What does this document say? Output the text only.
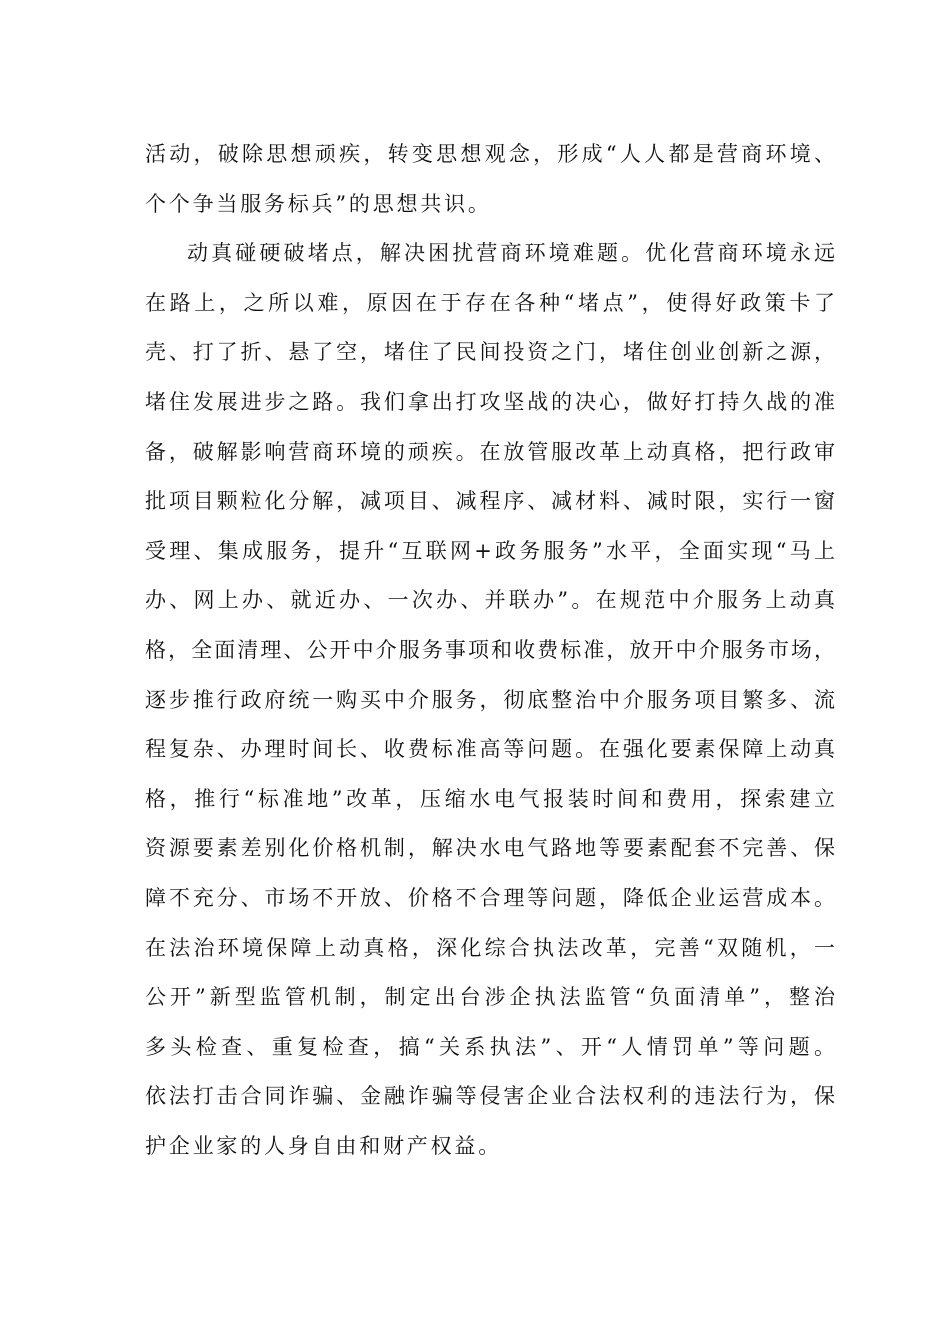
活动，破除思想顽疾，转变思想观念，形成“人人都是营商环境、
个个争当服务标兵”的思想共识。
动真碰硬破堵点，解决困扰营商环境难题。优化营商环境永远
在路上，之所以难，原因在于存在各种“堵点”，使得好政策卡了
壳、打了折、悬了空，堵住了民间投资之门，堵住创业创新之源，
堵住发展进步之路。我们拿出打攻坚战的决心，做好打持久战的准
备，破解影响营商环境的顽疾。在放管服改革上动真格，把行政审
批项目颗粒化分解，减项目、减程序、减材料、减时限，实行一窗
受理、集成服务，提升“互联网+政务服务”水平，全面实现“马上
办、网上办、就近办、一次办、并联办”。在规范中介服务上动真
格，全面清理、公开中介服务事项和收费标准，放开中介服务市场，
逐步推行政府统一购买中介服务，彻底整治中介服务项目繁多、流
程复杂、办理时间长、收费标准高等问题。在强化要素保障上动真
格，推行“标准地”改革，压缩水电气报装时间和费用，探索建立
资源要素差别化价格机制，解决水电气路地等要素配套不完善、保
障不充分、市场不开放、价格不合理等问题，降低企业运营成本。
在法治环境保障上动真格，深化综合执法改革，完善“双随机，一
公开”新型监管机制，制定出台涉企执法监管“负面清单”，整治
多头检查、重复检查，搞“关系执法”、开“人情罚单”等问题。
依法打击合同诈骗、金融诈骗等侵害企业合法权利的违法行为，保
护企业家的人身自由和财产权益。
